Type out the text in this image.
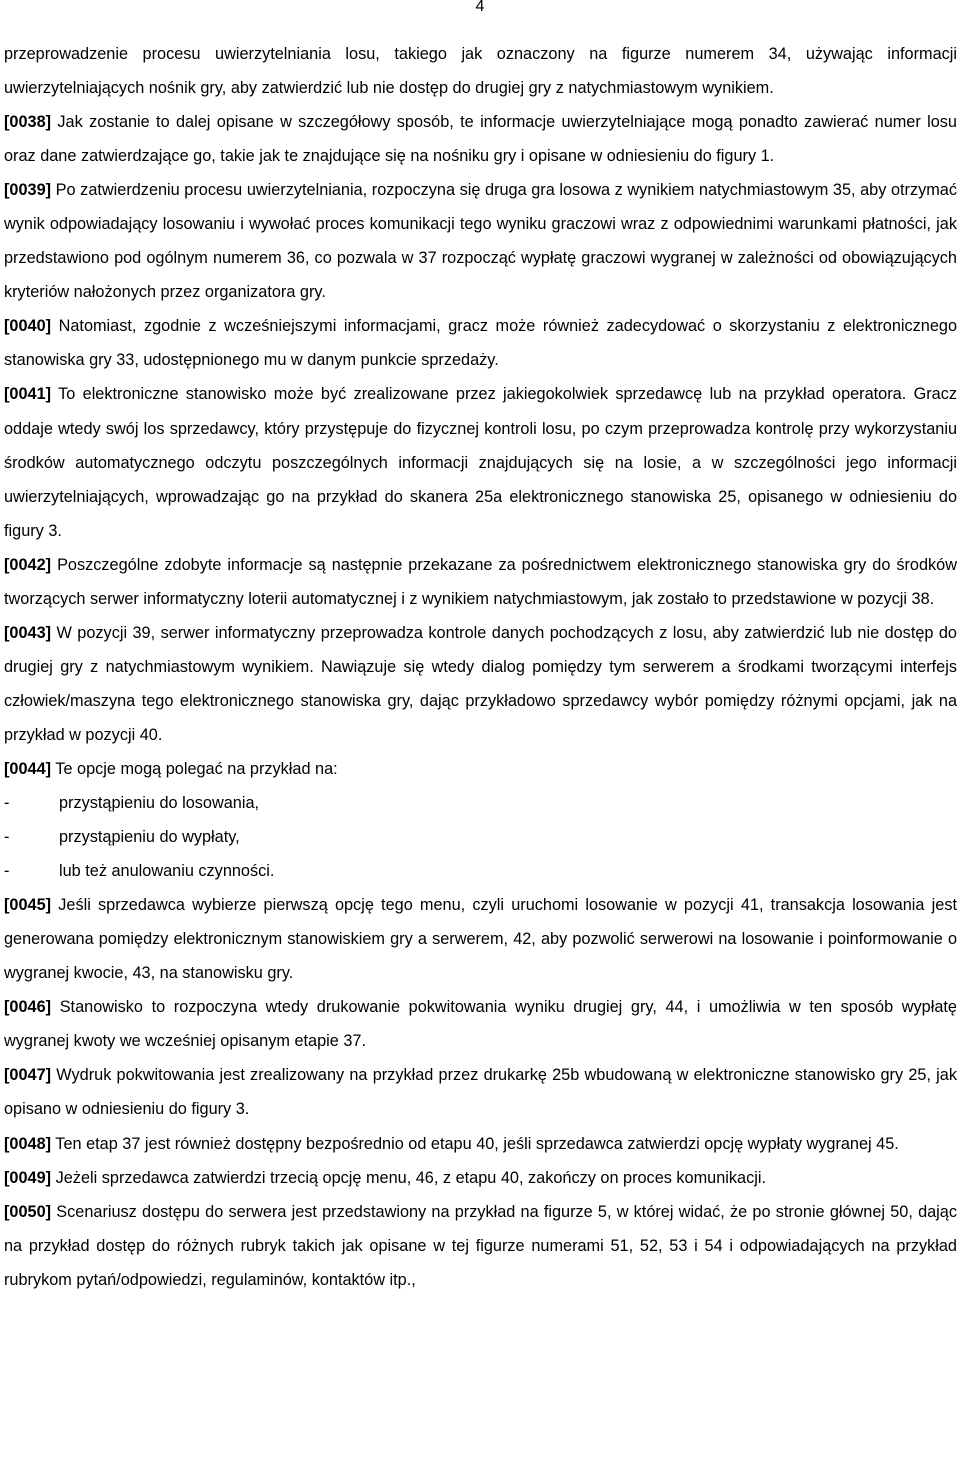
4

przeprowadzenie procesu uwierzytelniania losu, takiego jak oznaczony na figurze numerem 34, używając informacji uwierzytelniających nośnik gry, aby zatwierdzić lub nie dostęp do drugiej gry z natychmiastowym wynikiem.

[0038] Jak zostanie to dalej opisane w szczegółowy sposób, te informacje uwierzytelniające mogą ponadto zawierać numer losu oraz dane zatwierdzające go, takie jak te znajdujące się na nośniku gry i opisane w odniesieniu do figury 1.

[0039] Po zatwierdzeniu procesu uwierzytelniania, rozpoczyna się druga gra losowa z wynikiem natychmiastowym 35, aby otrzymać wynik odpowiadający losowaniu i wywołać proces komunikacji tego wyniku graczowi wraz z odpowiednimi warunkami płatności, jak przedstawiono pod ogólnym numerem 36, co pozwala w 37 rozpocząć wypłatę graczowi wygranej w zależności od obowiązujących kryteriów nałożonych przez organizatora gry.

[0040] Natomiast, zgodnie z wcześniejszymi informacjami, gracz może również zadecydować o skorzystaniu z elektronicznego stanowiska gry 33, udostępnionego mu w danym punkcie sprzedaży.

[0041] To elektroniczne stanowisko może być zrealizowane przez jakiegokolwiek sprzedawcę lub na przykład operatora. Gracz oddaje wtedy swój los sprzedawcy, który przystępuje do fizycznej kontroli losu, po czym przeprowadza kontrolę przy wykorzystaniu środków automatycznego odczytu poszczególnych informacji znajdujących się na losie, a w szczególności jego informacji uwierzytelniających, wprowadzając go na przykład do skanera 25a elektronicznego stanowiska 25, opisanego w odniesieniu do figury 3.

[0042] Poszczególne zdobyte informacje są następnie przekazane za pośrednictwem elektronicznego stanowiska gry do środków tworzących serwer informatyczny loterii automatycznej i z wynikiem natychmiastowym, jak zostało to przedstawione w pozycji 38.

[0043] W pozycji 39, serwer informatyczny przeprowadza kontrole danych pochodzących z losu, aby zatwierdzić lub nie dostęp do drugiej gry z natychmiastowym wynikiem. Nawiązuje się wtedy dialog pomiędzy tym serwerem a środkami tworzącymi interfejs człowiek/maszyna tego elektronicznego stanowiska gry, dając przykładowo sprzedawcy wybór pomiędzy różnymi opcjami, jak na przykład w pozycji 40.

[0044] Te opcje mogą polegać na przykład na:

-	przystąpieniu do losowania,

-	przystąpieniu do wypłaty,

-	lub też anulowaniu czynności.

[0045] Jeśli sprzedawca wybierze pierwszą opcję tego menu, czyli uruchomi losowanie w pozycji 41, transakcja losowania jest generowana pomiędzy elektronicznym stanowiskiem gry a serwerem, 42, aby pozwolić serwerowi na losowanie i poinformowanie o wygranej kwocie, 43, na stanowisku gry.

[0046] Stanowisko to rozpoczyna wtedy drukowanie pokwitowania wyniku drugiej gry, 44, i umożliwia w ten sposób wypłatę wygranej kwoty we wcześniej opisanym etapie 37.

[0047] Wydruk pokwitowania jest zrealizowany na przykład przez drukarkę 25b wbudowaną w elektroniczne stanowisko gry 25, jak opisano w odniesieniu do figury 3.

[0048] Ten etap 37 jest również dostępny bezpośrednio od etapu 40, jeśli sprzedawca zatwierdzi opcję wypłaty wygranej 45.

[0049] Jeżeli sprzedawca zatwierdzi trzecią opcję menu, 46, z etapu 40, zakończy on proces komunikacji.

[0050] Scenariusz dostępu do serwera jest przedstawiony na przykład na figurze 5, w której widać, że po stronie głównej 50, dając na przykład dostęp do różnych rubryk takich jak opisane w tej figurze numerami 51, 52, 53 i 54 i odpowiadających na przykład rubrykom pytań/odpowiedzi, regulaminów, kontaktów itp.,
